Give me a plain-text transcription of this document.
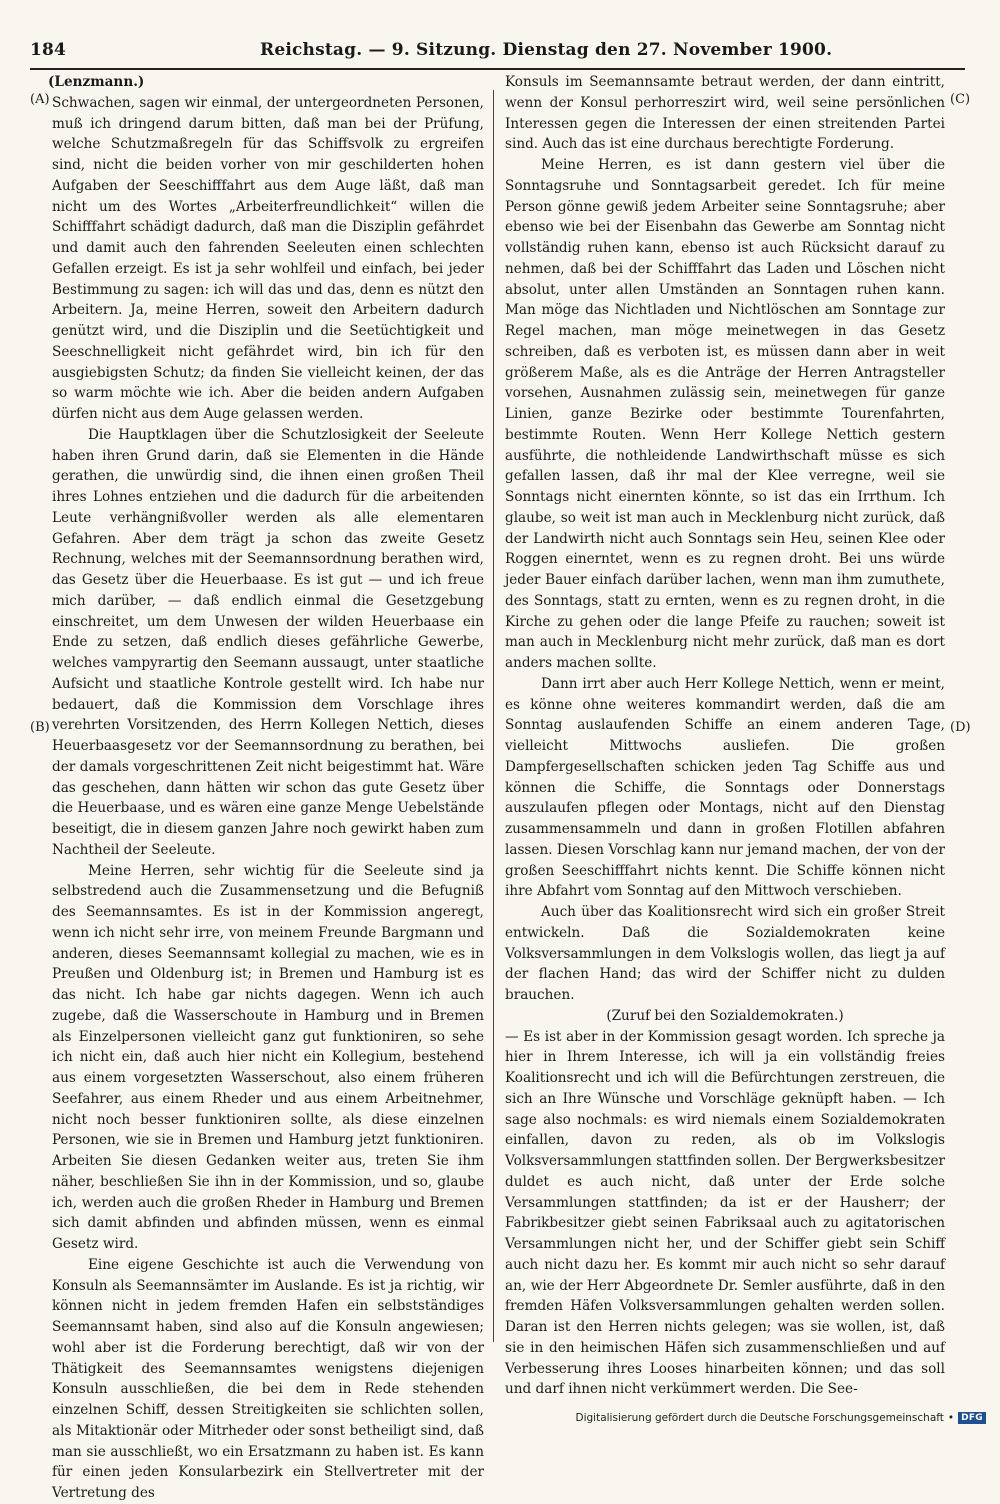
184	Reichstag. — 9. Sitzung. Dienstag den 27. November 1900.
(A)
(B)
(C)
(D)
(Lenzmann.)

Schwachen, sagen wir einmal, der untergeordneten Personen, muß ich dringend darum bitten, daß man bei der Prüfung, welche Schutzmaßregeln für das Schiffsvolk zu ergreifen sind, nicht die beiden vorher von mir geschilderten hohen Aufgaben der Seeschifffahrt aus dem Auge läßt, daß man nicht um des Wortes „Arbeiterfreundlichkeit“ willen die Schifffahrt schädigt dadurch, daß man die Disziplin gefährdet und damit auch den fahrenden Seeleuten einen schlechten Gefallen erzeigt. Es ist ja sehr wohlfeil und einfach, bei jeder Bestimmung zu sagen: ich will das und das, denn es nützt den Arbeitern. Ja, meine Herren, soweit den Arbeitern dadurch genützt wird, und die Disziplin und die Seetüchtigkeit und Seeschnelligkeit nicht gefährdet wird, bin ich für den ausgiebigsten Schutz; da finden Sie vielleicht keinen, der das so warm möchte wie ich. Aber die beiden andern Aufgaben dürfen nicht aus dem Auge gelassen werden.

Die Hauptklagen über die Schutzlosigkeit der Seeleute haben ihren Grund darin, daß sie Elementen in die Hände gerathen, die unwürdig sind, die ihnen einen großen Theil ihres Lohnes entziehen und die dadurch für die arbeitenden Leute verhängnißvoller werden als alle elementaren Gefahren. Aber dem trägt ja schon das zweite Gesetz Rechnung, welches mit der Seemannsordnung berathen wird, das Gesetz über die Heuerbaase. Es ist gut — und ich freue mich darüber, — daß endlich einmal die Gesetzgebung einschreitet, um dem Unwesen der wilden Heuerbaase ein Ende zu setzen, daß endlich dieses gefährliche Gewerbe, welches vampyrartig den Seemann aussaugt, unter staatliche Aufsicht und staatliche Kontrole gestellt wird. Ich habe nur bedauert, daß die Kommission dem Vorschlage ihres verehrten Vorsitzenden, des Herrn Kollegen Nettich, dieses Heuerbaasgesetz vor der Seemannsordnung zu berathen, bei der damals vorgeschrittenen Zeit nicht beigestimmt hat. Wäre das geschehen, dann hätten wir schon das gute Gesetz über die Heuerbaase, und es wären eine ganze Menge Uebelstände beseitigt, die in diesem ganzen Jahre noch gewirkt haben zum Nachtheil der Seeleute.

Meine Herren, sehr wichtig für die Seeleute sind ja selbstredend auch die Zusammensetzung und die Befugniß des Seemannsamtes. Es ist in der Kommission angeregt, wenn ich nicht sehr irre, von meinem Freunde Bargmann und anderen, dieses Seemannsamt kollegial zu machen, wie es in Preußen und Oldenburg ist; in Bremen und Hamburg ist es das nicht. Ich habe gar nichts dagegen. Wenn ich auch zugebe, daß die Wasserschoute in Hamburg und in Bremen als Einzelpersonen vielleicht ganz gut funktioniren, so sehe ich nicht ein, daß auch hier nicht ein Kollegium, bestehend aus einem vorgesetzten Wasserschout, also einem früheren Seefahrer, aus einem Rheder und aus einem Arbeitnehmer, nicht noch besser funktioniren sollte, als diese einzelnen Personen, wie sie in Bremen und Hamburg jetzt funktioniren. Arbeiten Sie diesen Gedanken weiter aus, treten Sie ihm näher, beschließen Sie ihn in der Kommission, und so, glaube ich, werden auch die großen Rheder in Hamburg und Bremen sich damit abfinden und abfinden müssen, wenn es einmal Gesetz wird.

Eine eigene Geschichte ist auch die Verwendung von Konsuln als Seemannsämter im Auslande. Es ist ja richtig, wir können nicht in jedem fremden Hafen ein selbstständiges Seemannsamt haben, sind also auf die Konsuln angewiesen; wohl aber ist die Forderung berechtigt, daß wir von der Thätigkeit des Seemannsamtes wenigstens diejenigen Konsuln ausschließen, die bei dem in Rede stehenden einzelnen Schiff, dessen Streitigkeiten sie schlichten sollen, als Mitaktionär oder Mitrheder oder sonst betheiligt sind, daß man sie ausschließt, wo ein Ersatzmann zu haben ist. Es kann für einen jeden Konsularbezirk ein Stellvertreter mit der Vertretung des

Konsuls im Seemannsamte betraut werden, der dann eintritt, wenn der Konsul perhorreszirt wird, weil seine persönlichen Interessen gegen die Interessen der einen streitenden Partei sind. Auch das ist eine durchaus berechtigte Forderung.

Meine Herren, es ist dann gestern viel über die Sonntagsruhe und Sonntagsarbeit geredet. Ich für meine Person gönne gewiß jedem Arbeiter seine Sonntagsruhe; aber ebenso wie bei der Eisenbahn das Gewerbe am Sonntag nicht vollständig ruhen kann, ebenso ist auch Rücksicht darauf zu nehmen, daß bei der Schifffahrt das Laden und Löschen nicht absolut, unter allen Umständen an Sonntagen ruhen kann. Man möge das Nichtladen und Nichtlöschen am Sonntage zur Regel machen, man möge meinetwegen in das Gesetz schreiben, daß es verboten ist, es müssen dann aber in weit größerem Maße, als es die Anträge der Herren Antragsteller vorsehen, Ausnahmen zulässig sein, meinetwegen für ganze Linien, ganze Bezirke oder bestimmte Tourenfahrten, bestimmte Routen. Wenn Herr Kollege Nettich gestern ausführte, die nothleidende Landwirthschaft müsse es sich gefallen lassen, daß ihr mal der Klee verregne, weil sie Sonntags nicht einernten könnte, so ist das ein Irrthum. Ich glaube, so weit ist man auch in Mecklenburg nicht zurück, daß der Landwirth nicht auch Sonntags sein Heu, seinen Klee oder Roggen einerntet, wenn es zu regnen droht. Bei uns würde jeder Bauer einfach darüber lachen, wenn man ihm zumuthete, des Sonntags, statt zu ernten, wenn es zu regnen droht, in die Kirche zu gehen oder die lange Pfeife zu rauchen; soweit ist man auch in Mecklenburg nicht mehr zurück, daß man es dort anders machen sollte.

Dann irrt aber auch Herr Kollege Nettich, wenn er meint, es könne ohne weiteres kommandirt werden, daß die am Sonntag auslaufenden Schiffe an einem anderen Tage, vielleicht Mittwochs ausliefen. Die großen Dampfergesellschaften schicken jeden Tag Schiffe aus und können die Schiffe, die Sonntags oder Donnerstags auszulaufen pflegen oder Montags, nicht auf den Dienstag zusammensammeln und dann in großen Flotillen abfahren lassen. Diesen Vorschlag kann nur jemand machen, der von der großen Seeschifffahrt nichts kennt. Die Schiffe können nicht ihre Abfahrt vom Sonntag auf den Mittwoch verschieben.

Auch über das Koalitionsrecht wird sich ein großer Streit entwickeln. Daß die Sozialdemokraten keine Volksversammlungen in dem Volkslogis wollen, das liegt ja auf der flachen Hand; das wird der Schiffer nicht zu dulden brauchen.

(Zuruf bei den Sozialdemokraten.)

— Es ist aber in der Kommission gesagt worden. Ich spreche ja hier in Ihrem Interesse, ich will ja ein vollständig freies Koalitionsrecht und ich will die Befürchtungen zerstreuen, die sich an Ihre Wünsche und Vorschläge geknüpft haben. — Ich sage also nochmals: es wird niemals einem Sozialdemokraten einfallen, davon zu reden, als ob im Volkslogis Volksversammlungen stattfinden sollen. Der Bergwerksbesitzer duldet es auch nicht, daß unter der Erde solche Versammlungen stattfinden; da ist er der Hausherr; der Fabrikbesitzer giebt seinen Fabriksaal auch zu agitatorischen Versammlungen nicht her, und der Schiffer giebt sein Schiff auch nicht dazu her. Es kommt mir auch nicht so sehr darauf an, wie der Herr Abgeordnete Dr. Semler ausführte, daß in den fremden Häfen Volksversammlungen gehalten werden sollen. Daran ist den Herren nichts gelegen; was sie wollen, ist, daß sie in den heimischen Häfen sich zusammenschließen und auf Verbesserung ihres Looses hinarbeiten können; und das soll und darf ihnen nicht verkümmert werden. Die See-

Digitalisierung gefördert durch die Deutsche Forschungsgemeinschaft • DFG
